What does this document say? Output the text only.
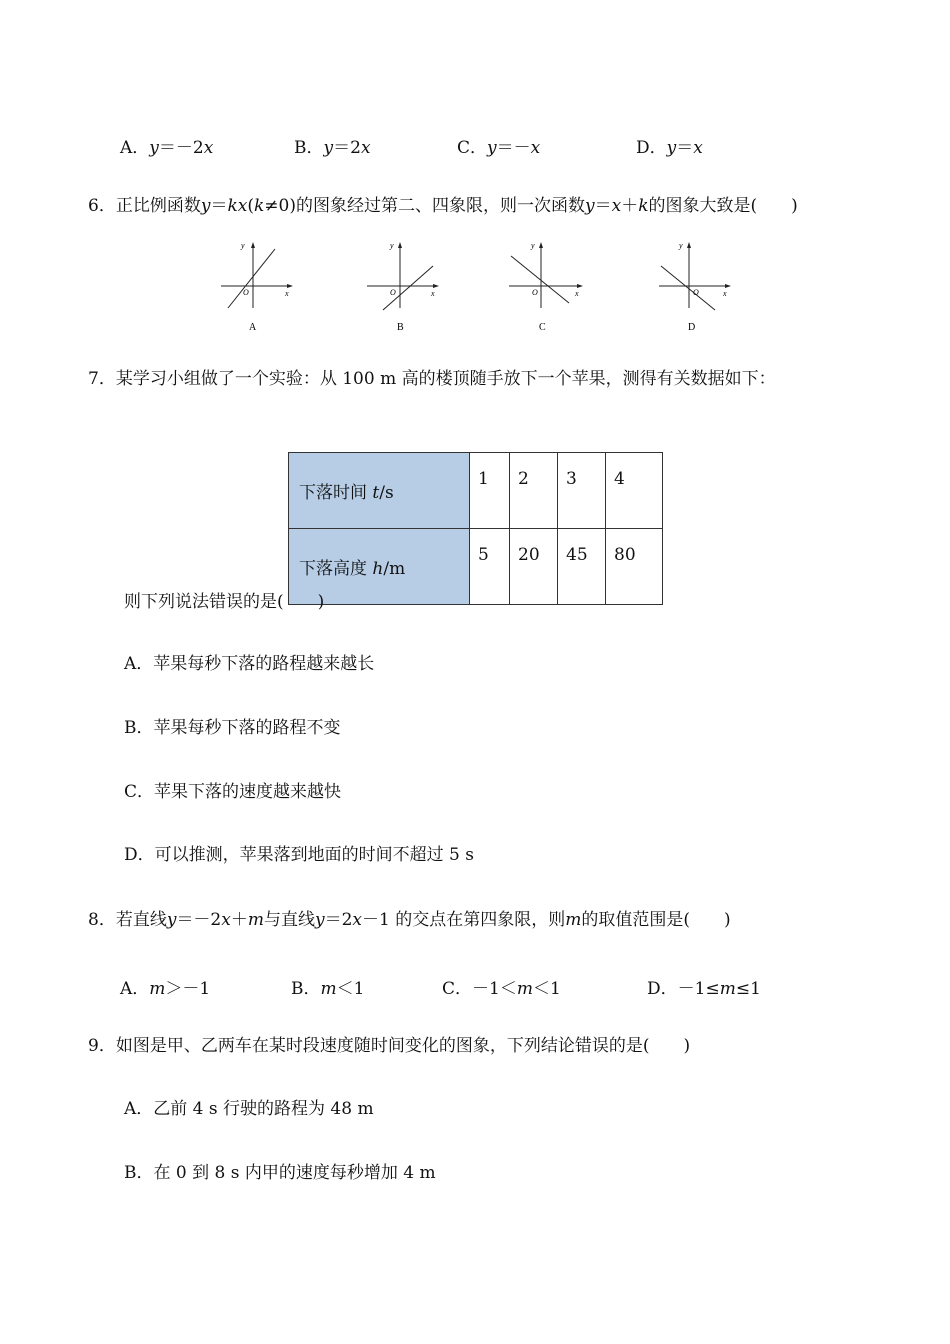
A．y＝－2x	B．y＝2x	C．y＝－x	D．y＝x
6．正比例函数y＝kx(k≠0)的图象经过第二、四象限，则一次函数y＝x＋k的图象大致是(　　)
y
x
O
A
y
x
O
B
y
x
O
C
y
x
O
D
7．某学习小组做了一个实验：从 100 m 高的楼顶随手放下一个苹果，测得有关数据如下：
下落时间 t/s	1	2	3	4
下落高度 h/m	5	20	45	80
则下列说法错误的是(　　)
A．苹果每秒下落的路程越来越长
B．苹果每秒下落的路程不变
C．苹果下落的速度越来越快
D．可以推测，苹果落到地面的时间不超过 5 s
8．若直线y＝－2x＋m与直线y＝2x－1 的交点在第四象限，则m的取值范围是(　　)
A．m＞－1	B．m＜1	C．－1＜m＜1	D．－1≤m≤1
9．如图是甲、乙两车在某时段速度随时间变化的图象，下列结论错误的是(　　)
A．乙前 4 s 行驶的路程为 48 m
B．在 0 到 8 s 内甲的速度每秒增加 4 m
